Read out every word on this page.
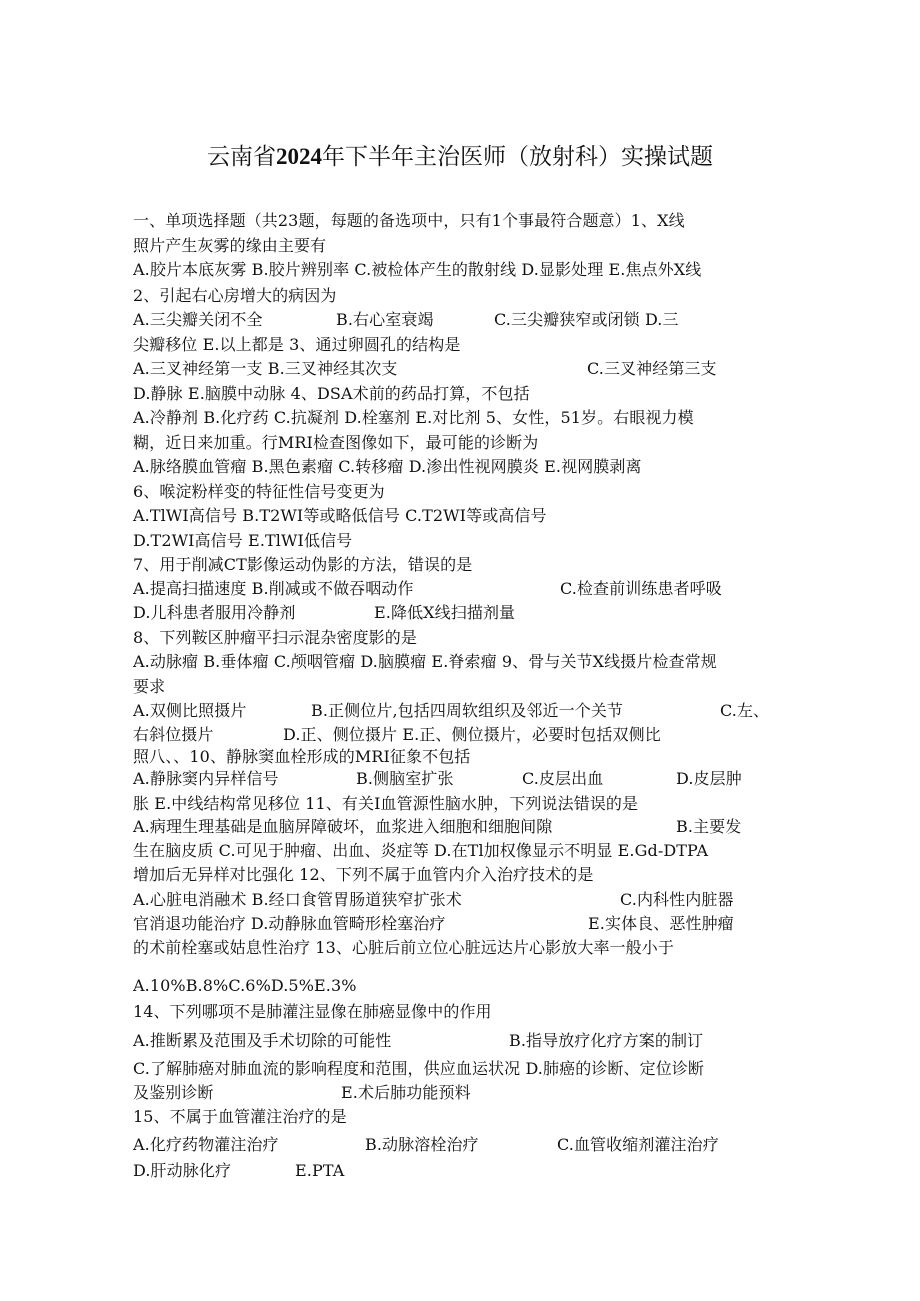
云南省2024年下半年主治医师（放射科）实操试题
一、单项选择题（共23题，每题的备选项中，只有1个事最符合题意）1、X线
照片产生灰雾的缘由主要有
A.胶片本底灰雾 B.胶片辨别率 C.被检体产生的散射线 D.显影处理 E.焦点外X线
2、引起右心房增大的病因为
A.三尖瓣关闭不全	B.右心室衰竭	C.三尖瓣狭窄或闭锁 D.三
尖瓣移位 E.以上都是 3、通过卵圆孔的结构是
A.三叉神经第一支 B.三叉神经其次支	C.三叉神经第三支
D.静脉 E.脑膜中动脉 4、DSA术前的药品打算，不包括
A.冷静剂 B.化疗药 C.抗凝剂 D.栓塞剂 E.对比剂 5、女性，51岁。右眼视力模
糊，近日来加重。行MRI检查图像如下，最可能的诊断为
A.脉络膜血管瘤 B.黑色素瘤 C.转移瘤 D.渗出性视网膜炎 E.视网膜剥离
6、喉淀粉样变的特征性信号变更为
A.TlWI高信号 B.T2WI等或略低信号 C.T2WI等或高信号
D.T2WI高信号 E.TlWI低信号
7、用于削减CT影像运动伪影的方法，错误的是
A.提高扫描速度 B.削减或不做吞咽动作	C.检查前训练患者呼吸
D.儿科患者服用冷静剂	E.降低X线扫描剂量
8、下列鞍区肿瘤平扫示混杂密度影的是
A.动脉瘤 B.垂体瘤 C.颅咽管瘤 D.脑膜瘤 E.脊索瘤 9、骨与关节X线摄片检查常规
要求
A.双侧比照摄片	B.正侧位片,包括四周软组织及邻近一个关节	C.左、
右斜位摄片	D.正、侧位摄片 E.正、侧位摄片，必要时包括双侧比
照八、、10、静脉窦血栓形成的MRI征象不包括
A.静脉窦内异样信号	B.侧脑室扩张	C.皮层出血	D.皮层肿
胀 E.中线结构常见移位 11、有关I血管源性脑水肿，下列说法错误的是
A.病理生理基础是血脑屏障破坏，血浆进入细胞和细胞间隙	B.主要发
生在脑皮质 C.可见于肿瘤、出血、炎症等 D.在Tl加权像显示不明显 E.Gd-DTPA
增加后无异样对比强化 12、下列不属于血管内介入治疗技术的是
A.心脏电消融术 B.经口食管胃肠道狭窄扩张术	C.内科性内脏器
官消退功能治疗 D.动静脉血管畸形栓塞治疗	E.实体良、恶性肿瘤
的术前栓塞或姑息性治疗 13、心脏后前立位心脏远达片心影放大率一般小于
A.10%B.8%C.6%D.5%E.3%
14、下列哪项不是肺灌注显像在肺癌显像中的作用
A.推断累及范围及手术切除的可能性	B.指导放疗化疗方案的制订
C.了解肺癌对肺血流的影响程度和范围，供应血运状况 D.肺癌的诊断、定位诊断
及鉴别诊断	E.术后肺功能预料
15、不属于血管灌注治疗的是
A.化疗药物灌注治疗	B.动脉溶栓治疗	C.血管收缩剂灌注治疗
D.肝动脉化疗	E.PTA
